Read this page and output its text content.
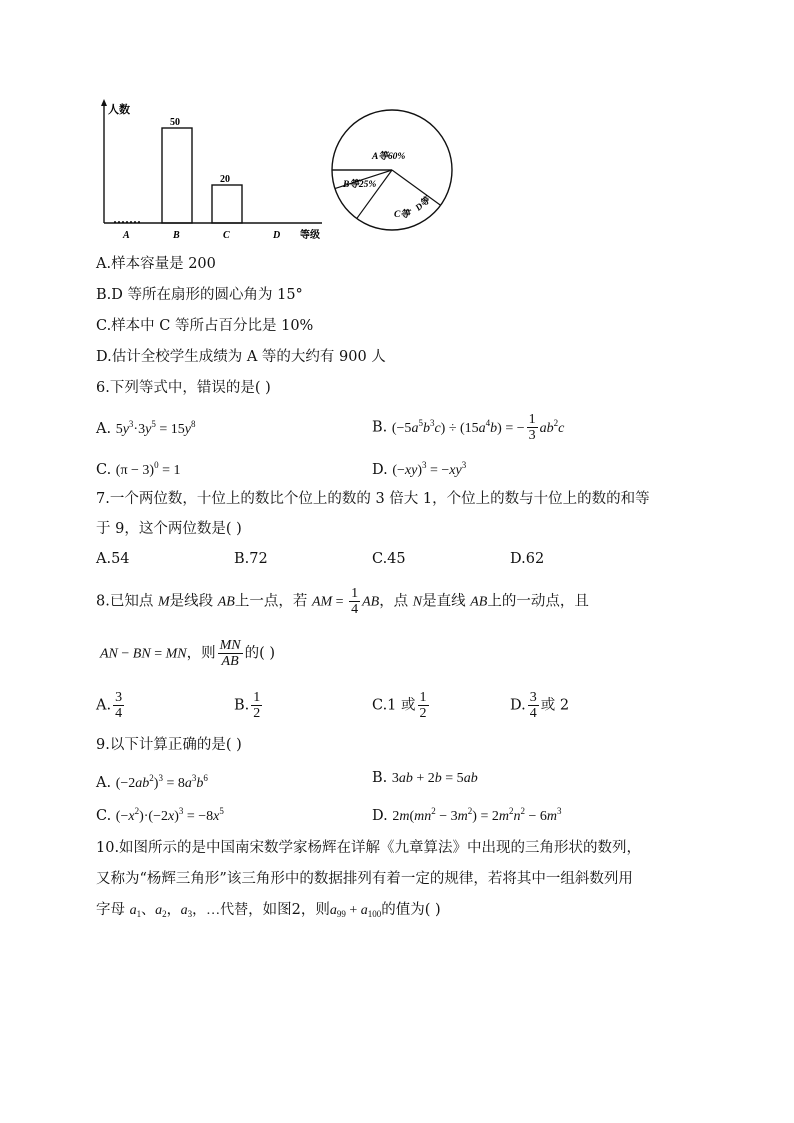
人数
等级
A	B
50
C
20
D
A等60%
B等25%
C等
D等
A.样本容量是 200
B.D 等所在扇形的圆心角为 15°
C.样本中 C 等所占百分比是 10%
D.估计全校学生成绩为 A 等的大约有 900 人
6.下列等式中，错误的是( )
A. $5y^3\cdot 3y^5 = 15y^8$	B. $(-5a^5b^3c) \div (15a^4b)$ = − $\frac{1}{3} ab^2c$
C. $(\pi - 3)^0 = 1$	D. $(-xy)^3 = -xy^3$
7.一个两位数，十位上的数比个位上的数的 3 倍大 1，个位上的数与十位上的数的和等
于 9，这个两位数是( )
A.54	B.72	C.45	D.62
8.已知点 M是线段 AB上一点，若 AM = $\frac{1}{4}$ AB，点 N是直线 AB上的一动点，且
AN − BN = MN，则 $\frac{MN}{AB}$ 的( )
A. $\frac{3}{4}$	B. $\frac{1}{2}$	C.1 或 $\frac{1}{2}$	D. $\frac{3}{4}$ 或 2
9.以下计算正确的是( )
A. $(-2ab^2)^3 = 8a^3b^6$	B. 3ab + 2b = 5ab
C. $(-x^2)\cdot(-2x)^3 = -8x^5$	D. $2m(mn^2 - 3m^2) = 2m^2n^2 - 6m^3$
10.如图所示的是中国南宋数学家杨辉在详解《九章算法》中出现的三角形状的数列，
又称为“杨辉三角形”该三角形中的数据排列有着一定的规律，若将其中一组斜数列用
字母 $a_1$、$a_2$，$a_3$，…代替，如图2，则$a_{99} + a_{100}$的值为( )
